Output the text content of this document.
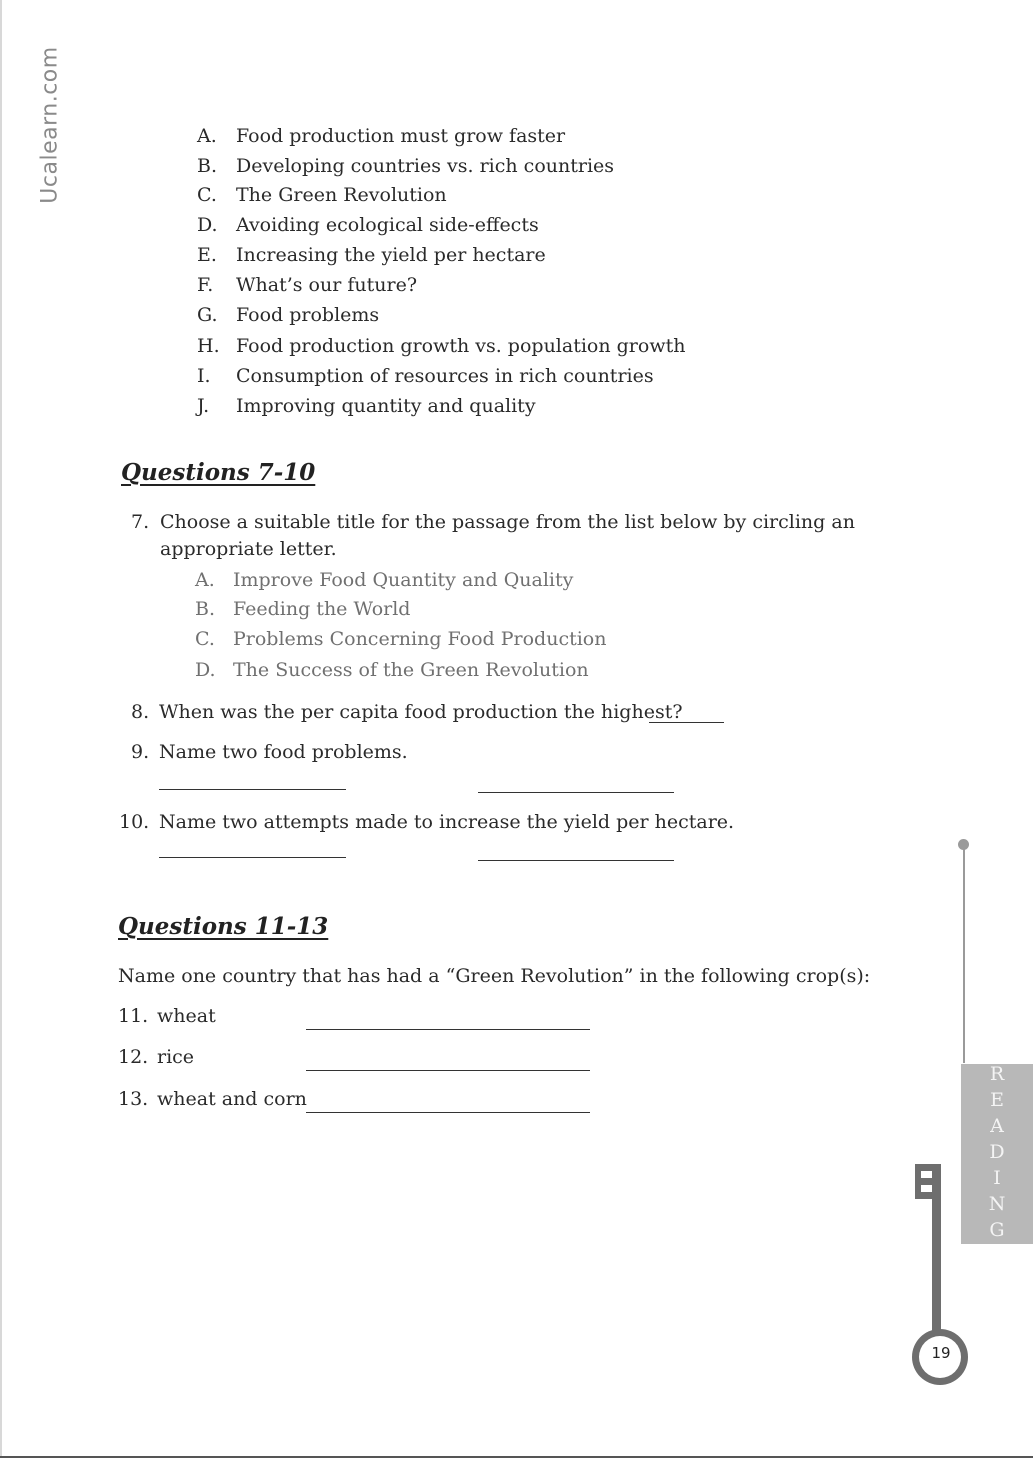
Ucalearn.com	A. Food production must grow faster
B. Developing countries vs. rich countries
C. The Green Revolution
D. Avoiding ecological side-effects
E. Increasing the yield per hectare
F. What’s our future?
G. Food problems
H. Food production growth vs. population growth
I. Consumption of resources in rich countries
J. Improving quantity and quality
Questions 7-10
7. Choose a suitable title for the passage from the list below by circling an
appropriate letter.
A. Improve Food Quantity and Quality
B. Feeding the World
C. Problems Concerning Food Production
D. The Success of the Green Revolution
8. When was the per capita food production the highest?
9. Name two food problems.
10. Name two attempts made to increase the yield per hectare.
Questions 11-13
Name one country that has had a “Green Revolution” in the following crop(s):
11. wheat
12. rice
13. wheat and corn	READING
19
